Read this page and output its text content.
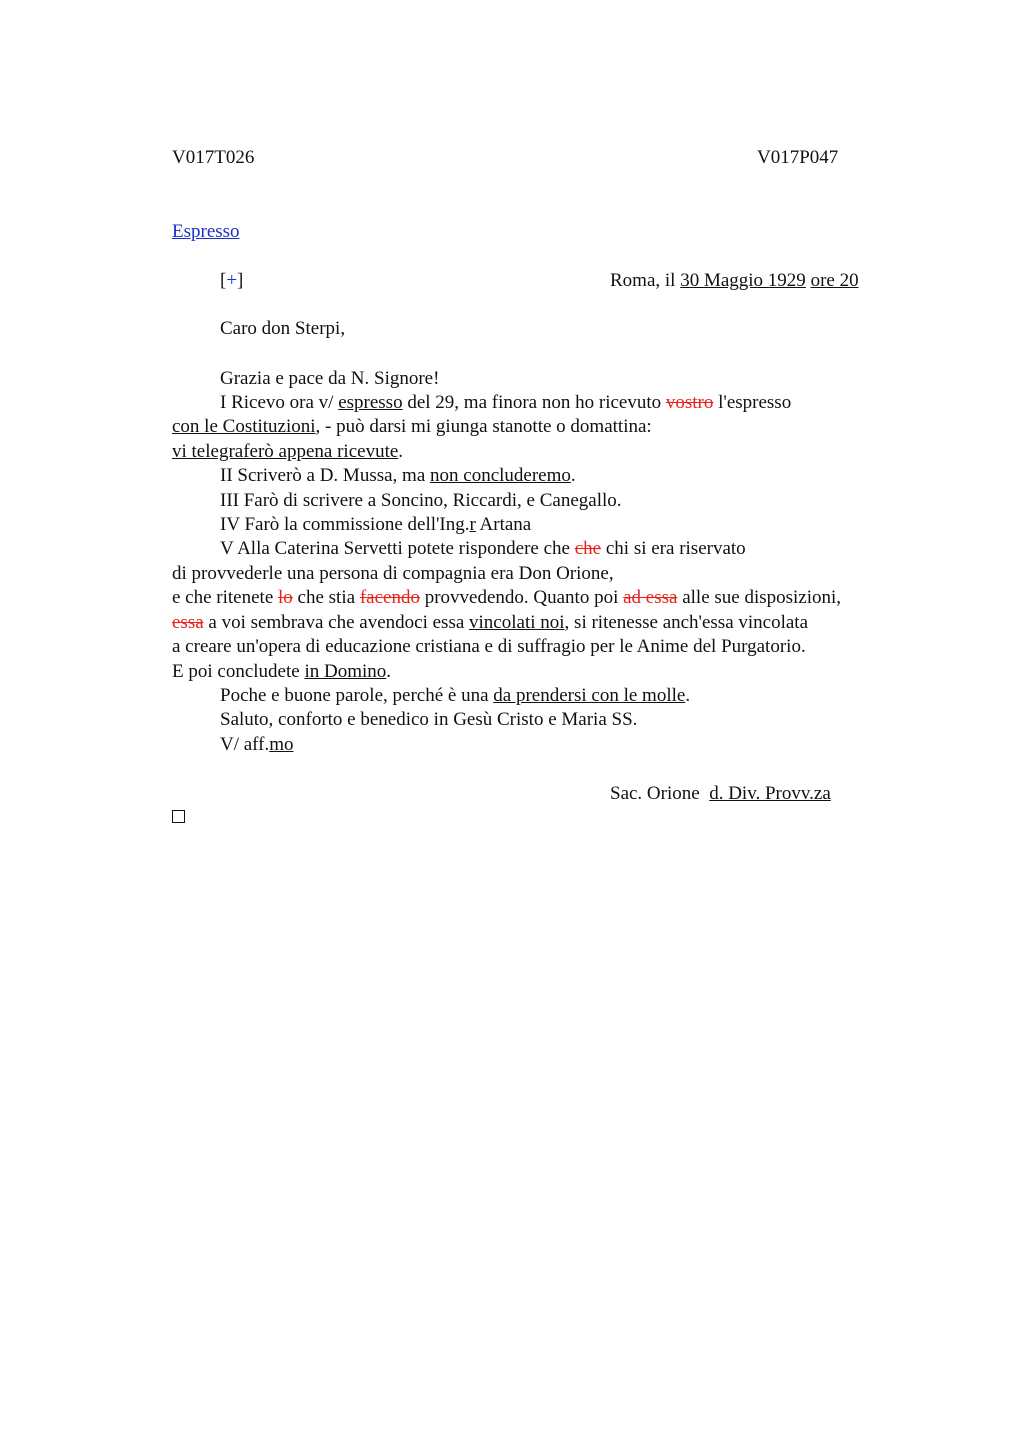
V017T026	V017P047
Espresso
[+]	Roma, il 30 Maggio 1929 ore 20
Caro don Sterpi,
Grazia e pace da N. Signore!
I Ricevo ora v/ espresso del 29, ma finora non ho ricevuto vostro l'espresso
con le Costituzioni, - può darsi mi giunga stanotte o domattina:
vi telegraferò appena ricevute.
II Scriverò a D. Mussa, ma non concluderemo.
III Farò di scrivere a Soncino, Riccardi, e Canegallo.
IV Farò la commissione dell'Ing.r Artana
V Alla Caterina Servetti potete rispondere che che chi si era riservato
di provvederle una persona di compagnia era Don Orione,
e che ritenete lo che stia facendo provvedendo. Quanto poi ad essa alle sue disposizioni,
essa a voi sembrava che avendoci essa vincolati noi, si ritenesse anch'essa vincolata
a creare un'opera di educazione cristiana e di suffragio per le Anime del Purgatorio.
E poi concludete in Domino.
Poche e buone parole, perché è una da prendersi con le molle.
Saluto, conforto e benedico in Gesù Cristo e Maria SS.
V/ aff.mo
Sac. Orione d. Div. Provv.za
